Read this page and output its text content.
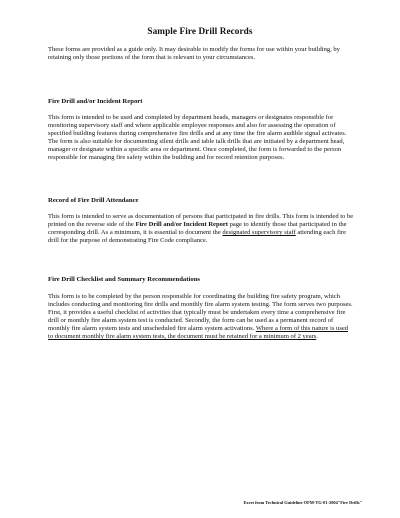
Sample Fire Drill Records

These forms are provided as a guide only. It may desirable to modify the forms for use within your building, by retaining only those portions of the form that is relevant to your circumstances.

Fire Drill and/or Incident Report

This form is intended to be used and completed by department heads, managers or designates responsible for monitoring supervisory staff and where applicable employee responses and also for assessing the operation of specified building features during comprehensive fire drills and at any time the fire alarm audible signal activates. The form is also suitable for documenting silent drills and table talk drills that are initiated by a department head, manager or designate within a specific area or department. Once completed, the form is forwarded to the person responsible for managing fire safety within the building and for record retention purposes.

Record of Fire Drill Attendance

This form is intended to serve as documentation of persons that participated in fire drills. This form is intended to be printed on the reverse side of the Fire Drill and/or Incident Report page to identify those that participated in the corresponding drill. As a minimum, it is essential to document the designated supervisory staff attending each fire drill for the purpose of demonstrating Fire Code compliance.

Fire Drill Checklist and Summary Recommendations

This form is to be completed by the person responsible for coordinating the building fire safety program, which includes conducting and monitoring fire drills and monthly fire alarm system testing. The form serves two purposes. First, it provides a useful checklist of activities that typically must be undertaken every time a comprehensive fire drill or monthly fire alarm system test is conducted. Secondly, the form can be used as a permanent record of monthly fire alarm system tests and unscheduled fire alarm system activations. Where a form of this nature is used to document monthly fire alarm system tests, the document must be retained for a minimum of 2 years.

Exert from Technical Guideline OFM-TG-01-2004"Fire Drills"
